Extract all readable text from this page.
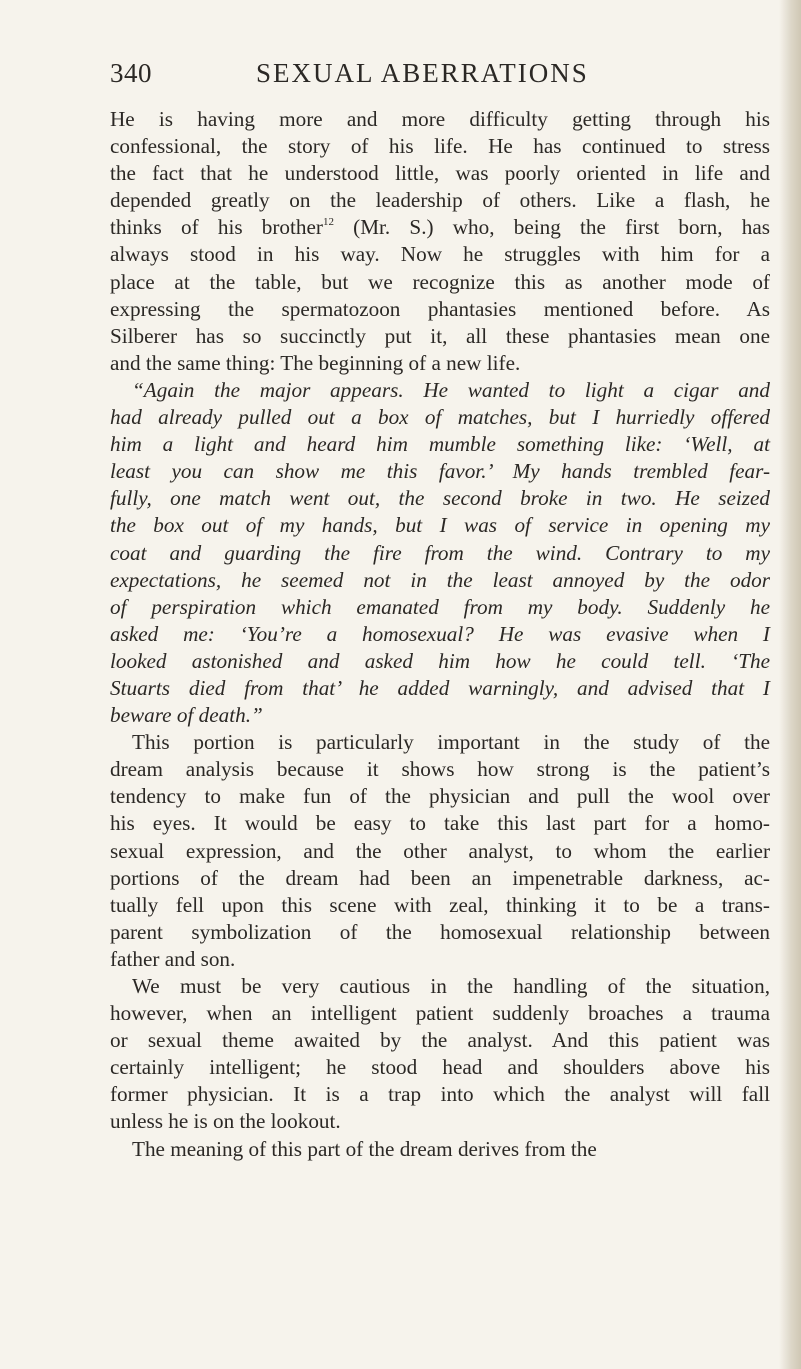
340	SEXUAL ABERRATIONS
He is having more and more difficulty getting through his
confessional, the story of his life. He has continued to stress
the fact that he understood little, was poorly oriented in life and
depended greatly on the leadership of others. Like a flash, he
thinks of his brother$^{12}$ (Mr. S.) who, being the first born, has
always stood in his way. Now he struggles with him for a
place at the table, but we recognize this as another mode of
expressing the spermatozoon phantasies mentioned before. As
Silberer has so succinctly put it, all these phantasies mean one
and the same thing: The beginning of a new life.
“Again the major appears. He wanted to light a cigar and
had already pulled out a box of matches, but I hurriedly offered
him a light and heard him mumble something like: ‘Well, at
least you can show me this favor.’ My hands trembled fear-
fully, one match went out, the second broke in two. He seized
the box out of my hands, but I was of service in opening my
coat and guarding the fire from the wind. Contrary to my
expectations, he seemed not in the least annoyed by the odor
of perspiration which emanated from my body. Suddenly he
asked me: ‘You’re a homosexual? He was evasive when I
looked astonished and asked him how he could tell. ‘The
Stuarts died from that’ he added warningly, and advised that I
beware of death.”
This portion is particularly important in the study of the
dream analysis because it shows how strong is the patient’s
tendency to make fun of the physician and pull the wool over
his eyes. It would be easy to take this last part for a homo-
sexual expression, and the other analyst, to whom the earlier
portions of the dream had been an impenetrable darkness, ac-
tually fell upon this scene with zeal, thinking it to be a trans-
parent symbolization of the homosexual relationship between
father and son.
We must be very cautious in the handling of the situation,
however, when an intelligent patient suddenly broaches a trauma
or sexual theme awaited by the analyst. And this patient was
certainly intelligent; he stood head and shoulders above his
former physician. It is a trap into which the analyst will fall
unless he is on the lookout.
The meaning of this part of the dream derives from the
